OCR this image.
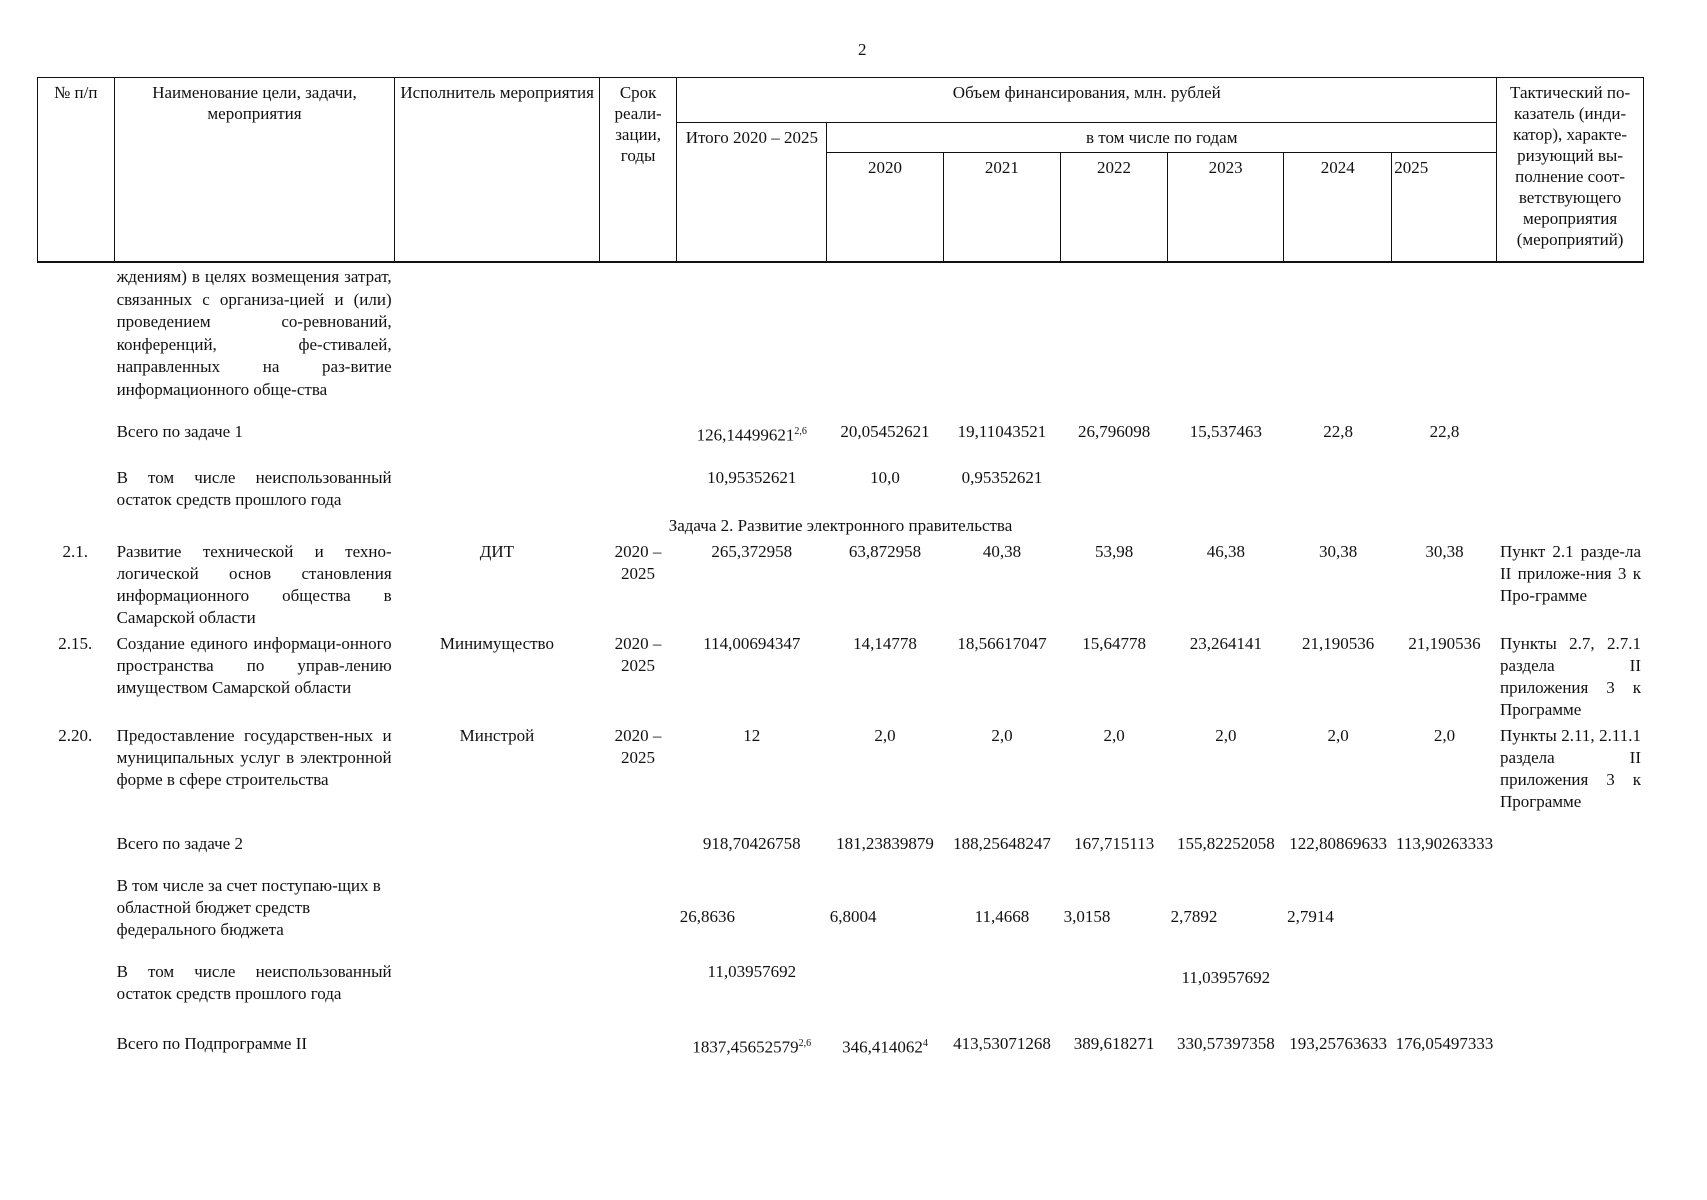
2
№ п/п	Наименование цели, задачи, мероприятия	Исполнитель мероприятия	Срок реали-зации, годы	Объем финансирования, млн. рублей							Тактический по-казатель (инди-катор), характе-ризующий вы-полнение соот-ветствующего мероприятия (мероприятий)
				Итого 2020 – 2025	в том числе по годам						
					2020	2021	2022	2023	2024	2025	
	ждениям) в целях возмещения затрат, связанных с организа-цией и (или) проведением со-ревнований, конференций, фе-стивалей, направленных на раз-витие информационного обще-ства										

	Всего по задаче 1			126,14499621$^{2,6}$	20,05452621	19,11043521	26,796098	15,537463	22,8	22,8	

	В том числе неиспользованный остаток средств прошлого года			10,95352621	10,0	0,95352621					
Задача 2. Развитие электронного правительства											
2.1.	Развитие технической и техно-логической основ становления информационного общества в Самарской области	ДИТ	2020 – 2025	265,372958	63,872958	40,38	53,98	46,38	30,38	30,38	Пункт 2.1 разде-ла II приложе-ния 3 к Про-грамме
2.15.	Создание единого информаци-онного пространства по управ-лению имуществом Самарской области	Минимущество	2020 – 2025	114,00694347	14,14778	18,56617047	15,64778	23,264141	21,190536	21,190536	Пункты 2.7, 2.7.1 раздела II приложения 3 к Программе
2.20.	Предоставление государствен-ных и муниципальных услуг в электронной форме в сфере строительства	Минстрой	2020 – 2025	12	2,0	2,0	2,0	2,0	2,0	2,0	Пункты 2.11, 2.11.1 раздела II приложения 3 к Программе

	Всего по задаче 2			918,70426758	181,23839879	188,25648247	167,715113	155,82252058	122,80869633	113,90263333	

	В том числе за счет поступаю-щих в областной бюджет средств федерального бюджета			26,8636	6,8004	11,4668	3,0158	2,7892	2,7914		

	В том числе неиспользованный остаток средств прошлого года			11,03957692				11,03957692			

	Всего по Подпрограмме II			1837,45652579$^{2,6}$	346,414062$^4$	413,53071268	389,618271	330,57397358	193,25763633	176,05497333	
